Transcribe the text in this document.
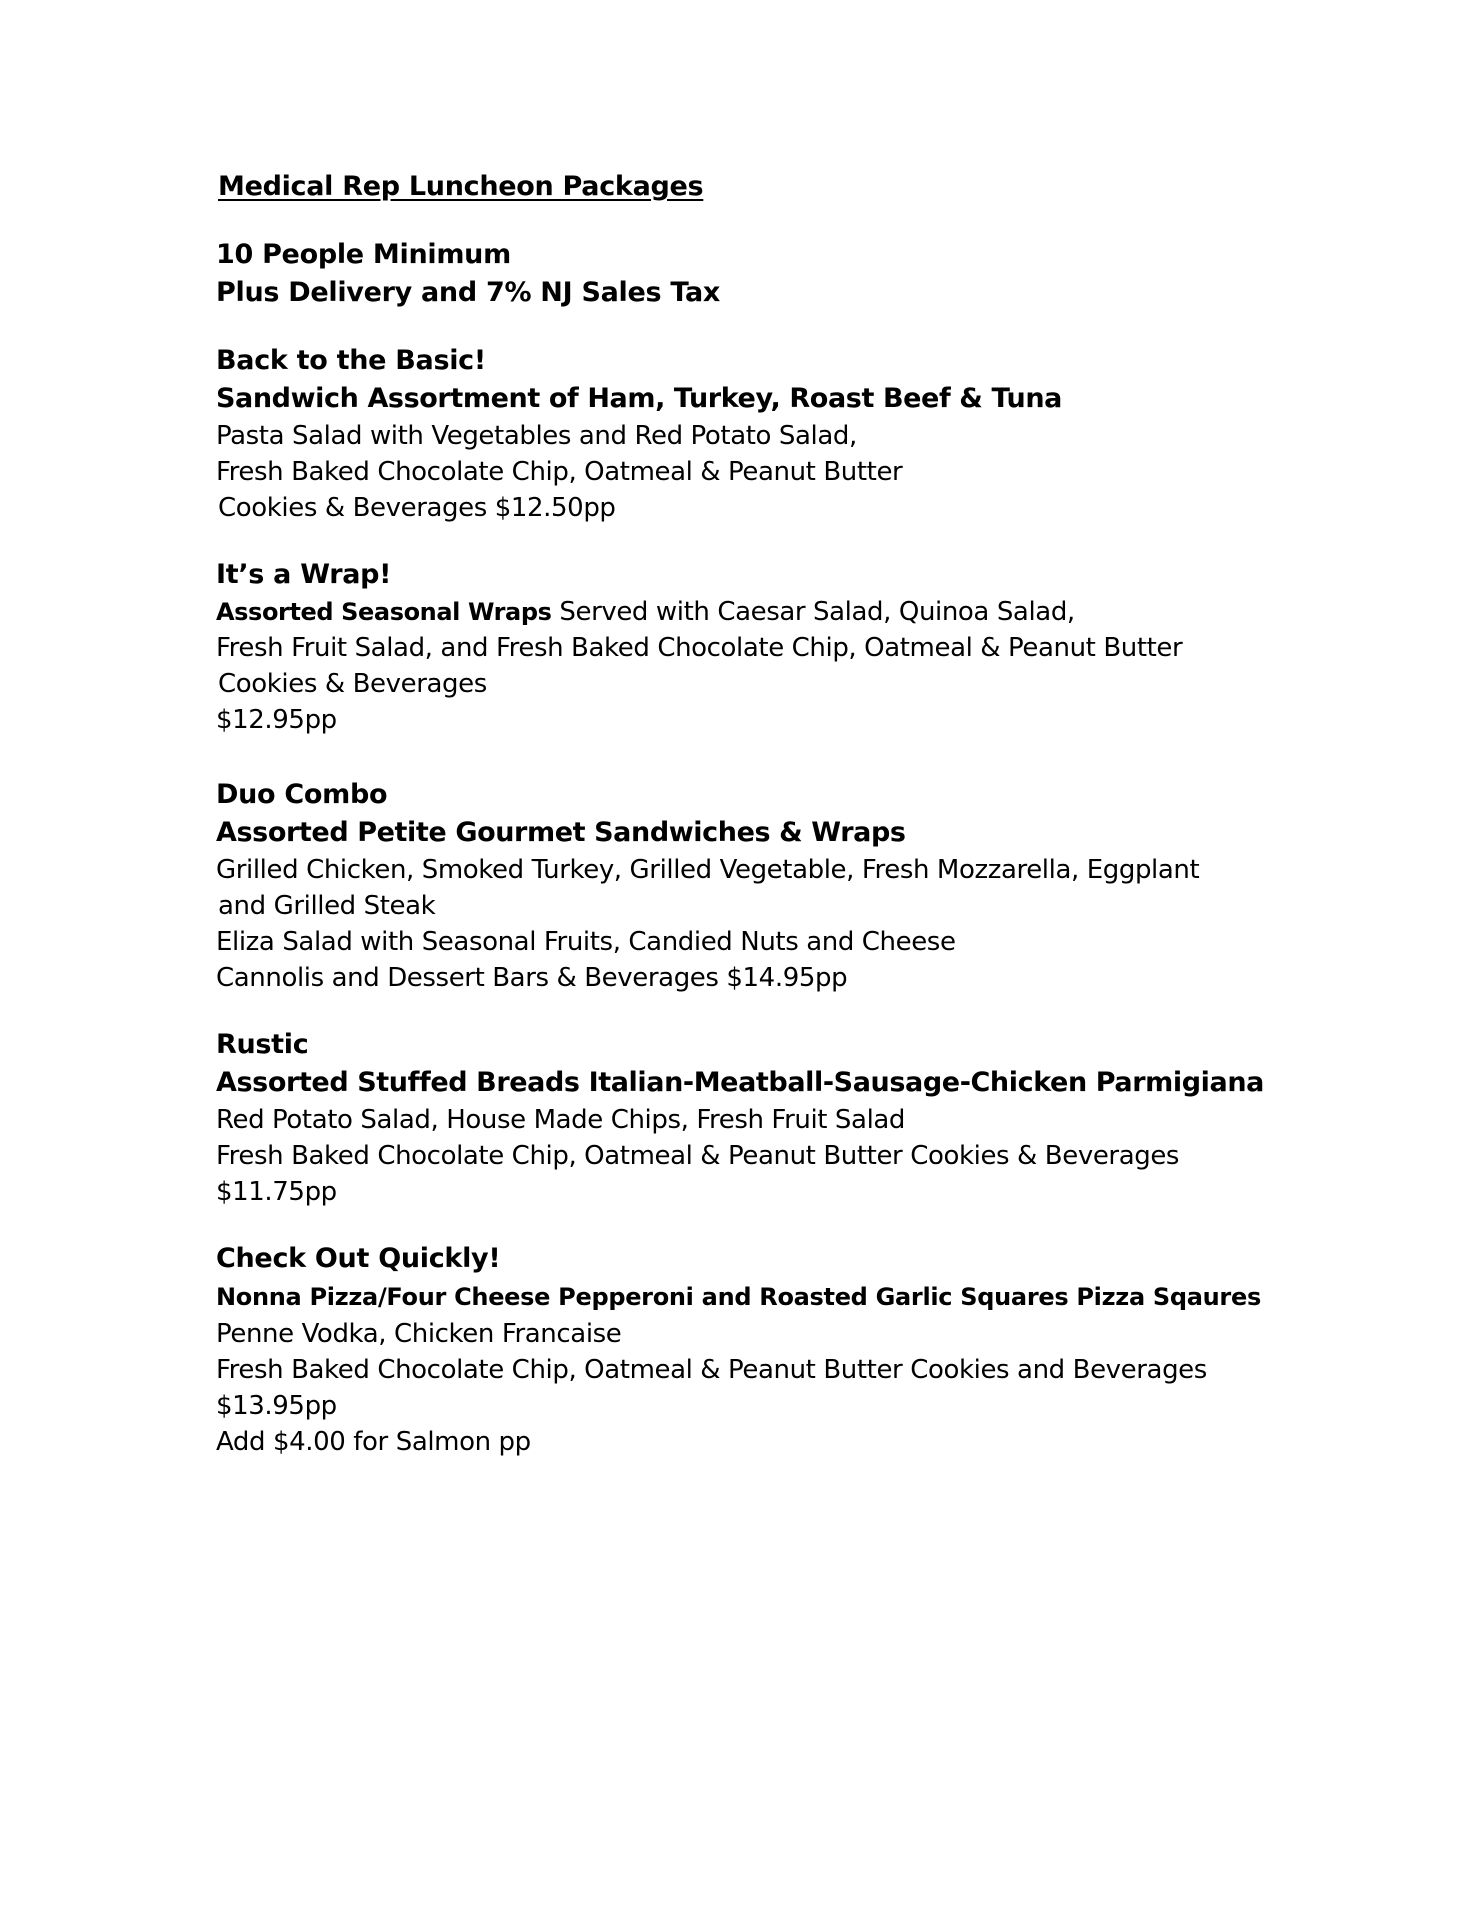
Medical Rep Luncheon Packages
10 People Minimum
Plus Delivery and 7% NJ Sales Tax
Back to the Basic!
Sandwich Assortment of Ham, Turkey, Roast Beef & Tuna
Pasta Salad with Vegetables and Red Potato Salad,
Fresh Baked Chocolate Chip, Oatmeal & Peanut Butter
Cookies & Beverages $12.50pp
It’s a Wrap!
Assorted Seasonal Wraps Served with Caesar Salad, Quinoa Salad,
Fresh Fruit Salad, and Fresh Baked Chocolate Chip, Oatmeal & Peanut Butter
Cookies & Beverages
$12.95pp
Duo Combo
Assorted Petite Gourmet Sandwiches & Wraps
Grilled Chicken, Smoked Turkey, Grilled Vegetable, Fresh Mozzarella, Eggplant
and Grilled Steak
Eliza Salad with Seasonal Fruits, Candied Nuts and Cheese
Cannolis and Dessert Bars & Beverages $14.95pp
Rustic
Assorted Stuffed Breads Italian-Meatball-Sausage-Chicken Parmigiana
Red Potato Salad, House Made Chips, Fresh Fruit Salad
Fresh Baked Chocolate Chip, Oatmeal & Peanut Butter Cookies & Beverages
$11.75pp
Check Out Quickly!
Nonna Pizza/Four Cheese Pepperoni and Roasted Garlic Squares Pizza Sqaures
Penne Vodka, Chicken Francaise
Fresh Baked Chocolate Chip, Oatmeal & Peanut Butter Cookies and Beverages
$13.95pp
Add $4.00 for Salmon pp
